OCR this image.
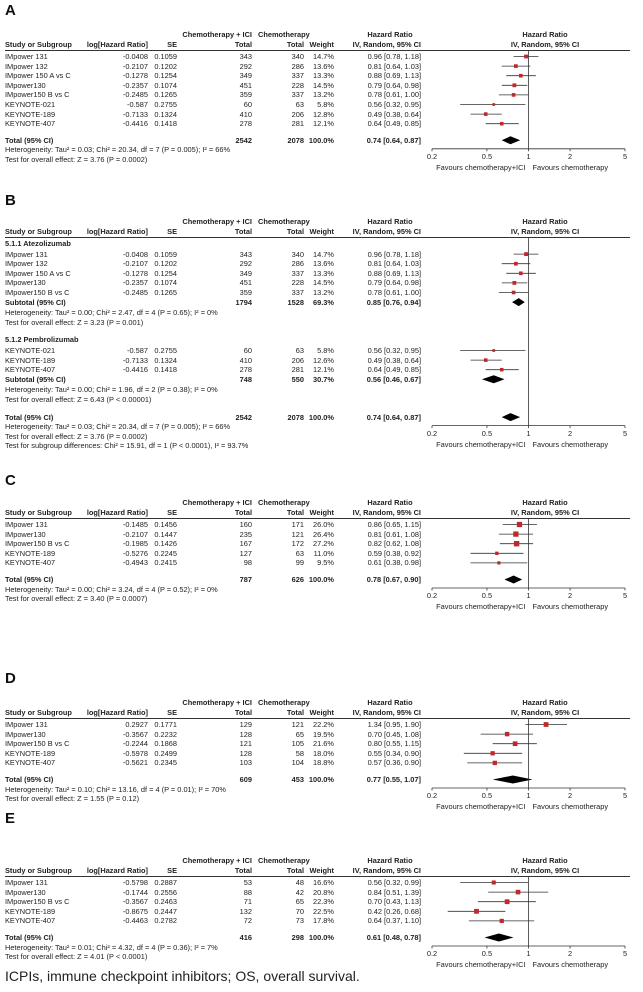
A
Chemotherapy + ICI Chemotherapy	Hazard Ratio	Hazard Ratio
Study or Subgroup	log[Hazard Ratio]	SE	Total	Total Weight	IV, Random, 95% CI	IV, Random, 95% CI
IMpower 131	-0.0408 0.1059	343	340	14.7%	0.96 [0.78, 1.18]
IMpower 132	-0.2107 0.1202	292	286	13.6%	0.81 [0.64, 1.03]
IMpower 150 A vs C	-0.1278 0.1254	349	337	13.3%	0.88 [0.69, 1.13]
IMpower130	-0.2357 0.1074	451	228	14.5%	0.79 [0.64, 0.98]
IMpower150 B vs C	-0.2485 0.1265	359	337	13.2%	0.78 [0.61, 1.00]
KEYNOTE-021	-0.587 0.2755	60	63	5.8%	0.56 [0.32, 0.95]
KEYNOTE-189	-0.7133 0.1324	410	206	12.8%	0.49 [0.38, 0.64]
KEYNOTE-407	-0.4416 0.1418	278	281	12.1%	0.64 [0.49, 0.85]
Total (95% CI)	2542	2078 100.0%	0.74 [0.64, 0.87]
0.2	0.5	1	2	5
Favours chemotherapy+ICI Favours chemotherapy
Heterogeneity: Tau² = 0.03; Chi² = 20.34, df = 7 (P = 0.005); I² = 66%
Test for overall effect: Z = 3.76 (P = 0.0002)
B
Chemotherapy + ICI Chemotherapy	Hazard Ratio	Hazard Ratio
Study or Subgroup	log[Hazard Ratio]	SE	Total	Total Weight	IV, Random, 95% CI	IV, Random, 95% CI
5.1.1 Atezolizumab
IMpower 131	-0.0408 0.1059	343	340	14.7%	0.96 [0.78, 1.18]
IMpower 132	-0.2107 0.1202	292	286	13.6%	0.81 [0.64, 1.03]
IMpower 150 A vs C	-0.1278 0.1254	349	337	13.3%	0.88 [0.69, 1.13]
IMpower130	-0.2357 0.1074	451	228	14.5%	0.79 [0.64, 0.98]
IMpower150 B vs C	-0.2485 0.1265	359	337	13.2%	0.78 [0.61, 1.00]
Subtotal (95% CI)	1794	1528	69.3%	0.85 [0.76, 0.94]
Heterogeneity: Tau² = 0.00; Chi² = 2.47, df = 4 (P = 0.65); I² = 0%
Test for overall effect: Z = 3.23 (P = 0.001)
5.1.2 Pembrolizumab
KEYNOTE-021	-0.587 0.2755	60	63	5.8%	0.56 [0.32, 0.95]
KEYNOTE-189	-0.7133 0.1324	410	206	12.6%	0.49 [0.38, 0.64]
KEYNOTE-407	-0.4416 0.1418	278	281	12.1%	0.64 [0.49, 0.85]
Subtotal (95% CI)	748	550	30.7%	0.56 [0.46, 0.67]
Heterogeneity: Tau² = 0.00; Chi² = 1.96, df = 2 (P = 0.38); I² = 0%
Test for overall effect: Z = 6.43 (P < 0.00001)
Total (95% CI)	2542	2078 100.0%	0.74 [0.64, 0.87]
0.2	0.5	1	2	5
Favours chemotherapy+ICI Favours chemotherapy
Heterogeneity: Tau² = 0.03; Chi² = 20.34, df = 7 (P = 0.005); I² = 66%
Test for overall effect: Z = 3.76 (P = 0.0002)
Test for subgroup differences: Chi² = 15.91, df = 1 (P < 0.0001), I² = 93.7%
C
Chemotherapy + ICI Chemotherapy	Hazard Ratio	Hazard Ratio
Study or Subgroup	log[Hazard Ratio]	SE	Total	Total Weight	IV, Random, 95% CI	IV, Random, 95% CI
IMpower 131	-0.1485 0.1456	160	171	26.0%	0.86 [0.65, 1.15]
IMpower130	-0.2107 0.1447	235	121	26.4%	0.81 [0.61, 1.08]
IMpower150 B vs C	-0.1985 0.1426	167	172	27.2%	0.82 [0.62, 1.08]
KEYNOTE-189	-0.5276 0.2245	127	63	11.0%	0.59 [0.38, 0.92]
KEYNOTE-407	-0.4943 0.2415	98	99	9.5%	0.61 [0.38, 0.98]
Total (95% CI)	787	626 100.0%	0.78 [0.67, 0.90]
0.2	0.5	1	2	5
Favours chemotherapy+ICI Favours chemotherapy
Heterogeneity: Tau² = 0.00; Chi² = 3.24, df = 4 (P = 0.52); I² = 0%
Test for overall effect: Z = 3.40 (P = 0.0007)
D
Chemotherapy + ICI Chemotherapy	Hazard Ratio	Hazard Ratio
Study or Subgroup	log[Hazard Ratio]	SE	Total	Total Weight	IV, Random, 95% CI	IV, Random, 95% CI
IMpower 131	0.2927 0.1771	129	121	22.2%	1.34 [0.95, 1.90]
IMpower130	-0.3567 0.2232	128	65	19.5%	0.70 [0.45, 1.08]
IMpower150 B vs C	-0.2244 0.1868	121	105	21.6%	0.80 [0.55, 1.15]
KEYNOTE-189	-0.5978 0.2499	128	58	18.0%	0.55 [0.34, 0.90]
KEYNOTE-407	-0.5621 0.2345	103	104	18.8%	0.57 [0.36, 0.90]
Total (95% CI)	609	453 100.0%	0.77 [0.55, 1.07]
0.2	0.5	1	2	5
Favours chemotherapy+ICI Favours chemotherapy
Heterogeneity: Tau² = 0.10; Chi² = 13.16, df = 4 (P = 0.01); I² = 70%
Test for overall effect: Z = 1.55 (P = 0.12)
E
Chemotherapy + ICI Chemotherapy	Hazard Ratio	Hazard Ratio
Study or Subgroup	log[Hazard Ratio]	SE	Total	Total Weight	IV, Random, 95% CI	IV, Random, 95% CI
IMpower 131	-0.5798 0.2887	53	48	16.6%	0.56 [0.32, 0.99]
IMpower130	-0.1744 0.2556	88	42	20.8%	0.84 [0.51, 1.39]
IMpower150 B vs C	-0.3567 0.2463	71	65	22.3%	0.70 [0.43, 1.13]
KEYNOTE-189	-0.8675 0.2447	132	70	22.5%	0.42 [0.26, 0.68]
KEYNOTE-407	-0.4463 0.2782	72	73	17.8%	0.64 [0.37, 1.10]
Total (95% CI)	416	298 100.0%	0.61 [0.48, 0.78]
0.2	0.5	1	2	5
Favours chemotherapy+ICI Favours chemotherapy
Heterogeneity: Tau² = 0.01; Chi² = 4.32, df = 4 (P = 0.36); I² = 7%
Test for overall effect: Z = 4.01 (P < 0.0001)
ICPIs, immune checkpoint inhibitors; OS, overall survival.
